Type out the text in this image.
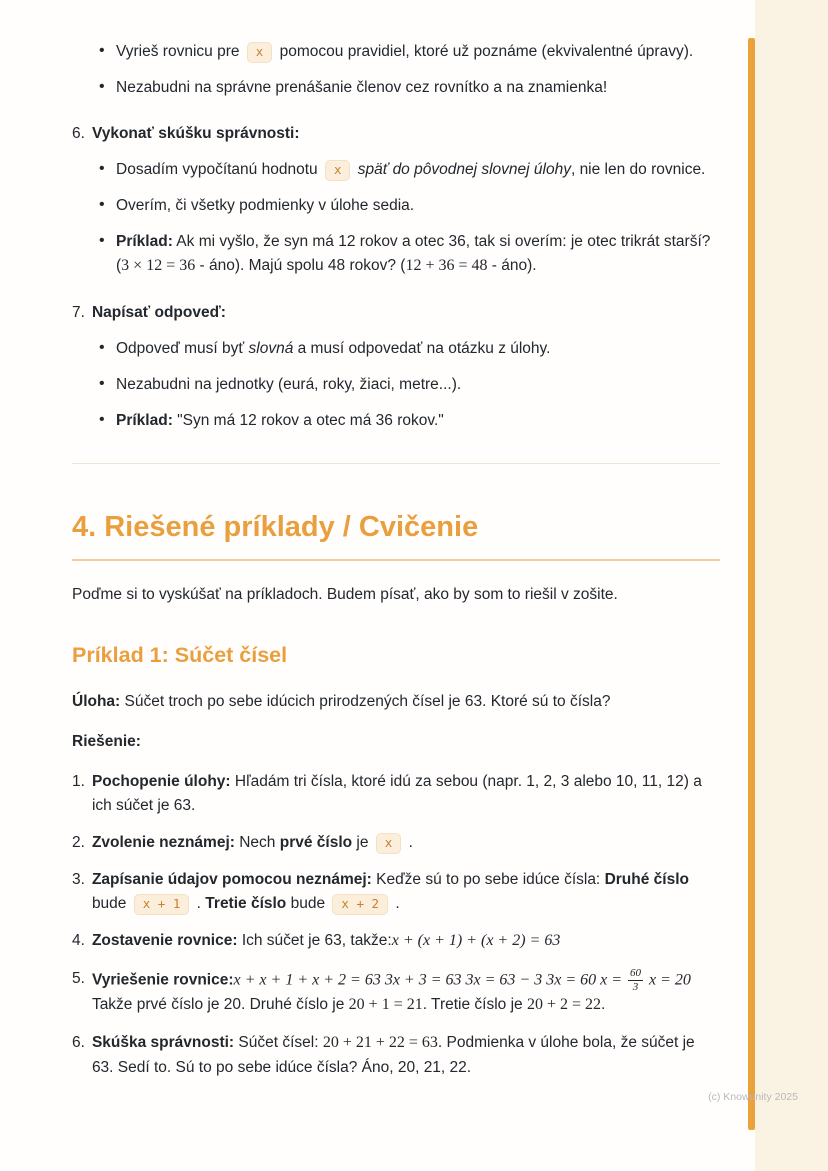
• Vyrieš rovnicu pre x pomocou pravidiel, ktoré už poznáme (ekvivalentné úpravy).
• Nezabudni na správne prenášanie členov cez rovnítko a na znamienka!
6. Vykonať skúšku správnosti:
• Dosadím vypočítanú hodnotu x späť do pôvodnej slovnej úlohy, nie len do rovnice.
• Overím, či všetky podmienky v úlohe sedia.
• Príklad: Ak mi vyšlo, že syn má 12 rokov a otec 36, tak si overím: je otec trikrát starší? (3 × 12 = 36 - áno). Majú spolu 48 rokov? (12 + 36 = 48 - áno).
7. Napísať odpoveď:
• Odpoveď musí byť slovná a musí odpovedať na otázku z úlohy.
• Nezabudni na jednotky (eurá, roky, žiaci, metre...).
• Príklad: "Syn má 12 rokov a otec má 36 rokov."
4. Riešené príklady / Cvičenie

Poďme si to vyskúšať na príkladoch. Budem písať, ako by som to riešil v zošite.

Príklad 1: Súčet čísel

Úloha: Súčet troch po sebe idúcich prirodzených čísel je 63. Ktoré sú to čísla?

Riešenie:

1. Pochopenie úlohy: Hľadám tri čísla, ktoré idú za sebou (napr. 1, 2, 3 alebo 10, 11, 12) a ich súčet je 63.
2. Zvolenie neznámej: Nech prvé číslo je x .
3. Zapísanie údajov pomocou neznámej: Keďže sú to po sebe idúce čísla: Druhé číslo bude x + 1 . Tretie číslo bude x + 2 .
4. Zostavenie rovnice: Ich súčet je 63, takže:x + (x + 1) + (x + 2) = 63
5. Vyriešenie rovnice:x + x + 1 + x + 2 = 63 3x + 3 = 63 3x = 63 − 3 3x = 60 $x = \frac{60}{3}$ x = 20 Takže prvé číslo je 20. Druhé číslo je 20 + 1 = 21. Tretie číslo je 20 + 2 = 22.
6. Skúška správnosti: Súčet čísel: 20 + 21 + 22 = 63. Podmienka v úlohe bola, že súčet je 63. Sedí to. Sú to po sebe idúce čísla? Áno, 20, 21, 22.
(c) Knowunity 2025
